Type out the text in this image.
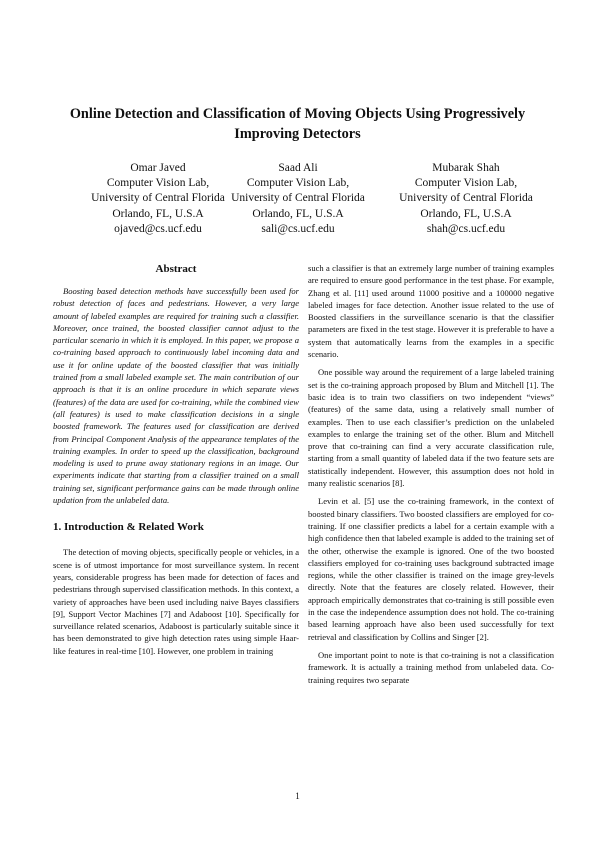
Online Detection and Classification of Moving Objects Using Progressively Improving Detectors
Omar Javed
Computer Vision Lab,
University of Central Florida
Orlando, FL, U.S.A
ojaved@cs.ucf.edu
Saad Ali
Computer Vision Lab,
University of Central Florida
Orlando, FL, U.S.A
sali@cs.ucf.edu
Mubarak Shah
Computer Vision Lab,
University of Central Florida
Orlando, FL, U.S.A
shah@cs.ucf.edu
Abstract

Boosting based detection methods have successfully been used for robust detection of faces and pedestrians. However, a very large amount of labeled examples are required for training such a classifier. Moreover, once trained, the boosted classifier cannot adjust to the particular scenario in which it is employed. In this paper, we propose a co-training based approach to continuously label incoming data and use it for online update of the boosted classifier that was initially trained from a small labeled example set. The main contribution of our approach is that it is an online procedure in which separate views (features) of the data are used for co-training, while the combined view (all features) is used to make classification decisions in a single boosted framework. The features used for classification are derived from Principal Component Analysis of the appearance templates of the training examples. In order to speed up the classification, background modeling is used to prune away stationary regions in an image. Our experiments indicate that starting from a classifier trained on a small training set, significant performance gains can be made through online updation from the unlabeled data.

1. Introduction & Related Work

The detection of moving objects, specifically people or vehicles, in a scene is of utmost importance for most surveillance system. In recent years, considerable progress has been made for detection of faces and pedestrians through supervised classification methods. In this context, a variety of approaches have been used including naive Bayes classifiers [9], Support Vector Machines [7] and Adaboost [10]. Specifically for surveillance related scenarios, Adaboost is particularly suitable since it has been demonstrated to give high detection rates using simple Haar-like features in real-time [10]. However, one problem in training

such a classifier is that an extremely large number of training examples are required to ensure good performance in the test phase. For example, Zhang et al. [11] used around 11000 positive and a 100000 negative labeled images for face detection. Another issue related to the use of Boosted classifiers in the surveillance scenario is that the classifier parameters are fixed in the test stage. However it is preferable to have a system that automatically learns from the examples in a specific scenario.

One possible way around the requirement of a large labeled training set is the co-training approach proposed by Blum and Mitchell [1]. The basic idea is to train two classifiers on two independent “views” (features) of the same data, using a relatively small number of examples. Then to use each classifier’s prediction on the unlabeled examples to enlarge the training set of the other. Blum and Mitchell prove that co-training can find a very accurate classification rule, starting from a small quantity of labeled data if the two feature sets are statistically independent. However, this assumption does not hold in many realistic scenarios [8].

Levin et al. [5] use the co-training framework, in the context of boosted binary classifiers. Two boosted classifiers are employed for co-training. If one classifier predicts a label for a certain example with a high confidence then that labeled example is added to the training set of the other, otherwise the example is ignored. One of the two boosted classifiers employed for co-training uses background subtracted image regions, while the other classifier is trained on the image grey-levels directly. Note that the features are closely related. However, their approach empirically demonstrates that co-training is still possible even in the case the independence assumption does not hold. The co-training based learning approach have also been used successfully for text retrieval and classification by Collins and Singer [2].

One important point to note is that co-training is not a classification framework. It is actually a training method from unlabeled data. Co-training requires two separate

1
